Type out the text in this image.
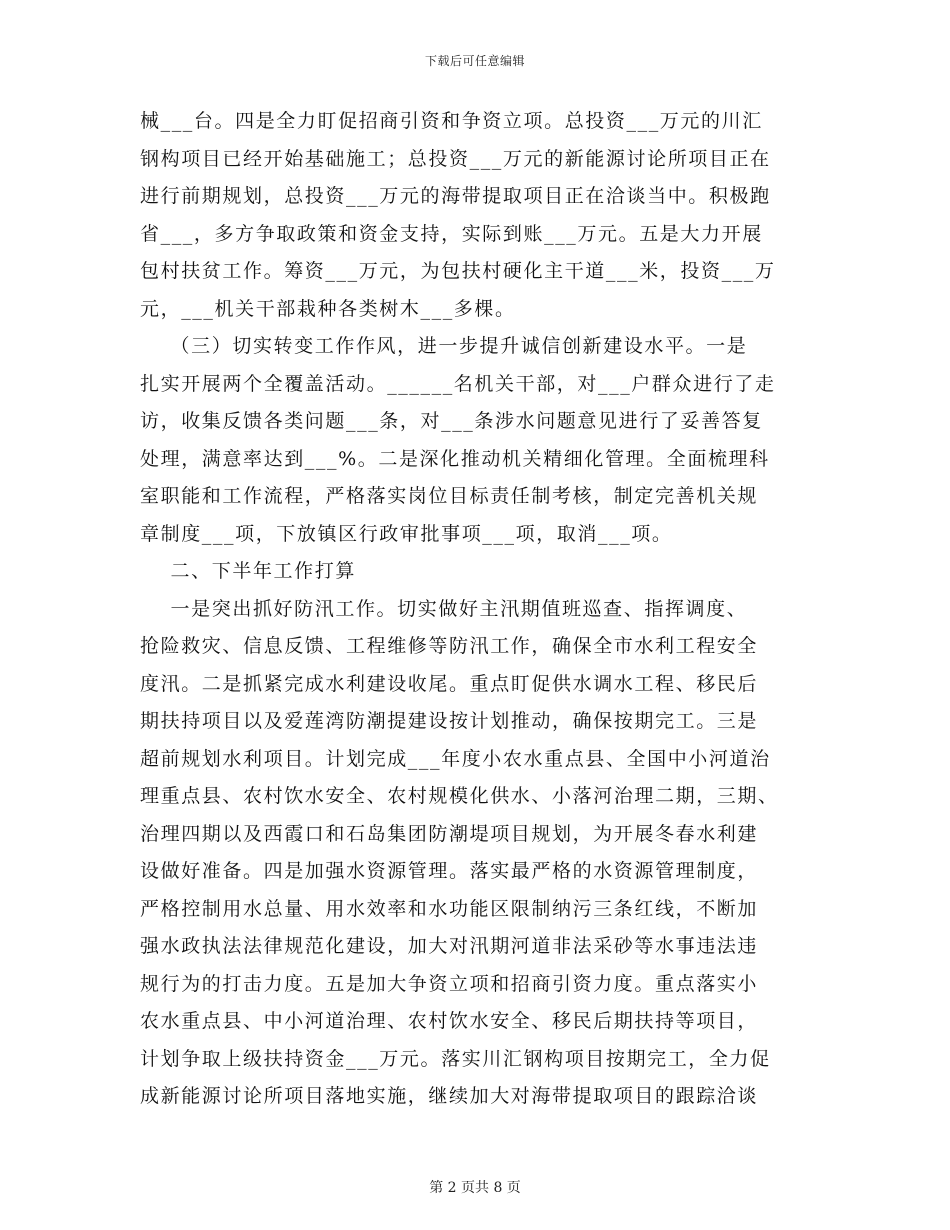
下载后可任意编辑
械___台。四是全力盯促招商引资和争资立项。总投资___万元的川汇
钢构项目已经开始基础施工；总投资___万元的新能源讨论所项目正在
进行前期规划，总投资___万元的海带提取项目正在洽谈当中。积极跑
省___，多方争取政策和资金支持，实际到账___万元。五是大力开展
包村扶贫工作。筹资___万元，为包扶村硬化主干道___米，投资___万
元，___机关干部栽种各类树木___多棵。
（三）切实转变工作作风，进一步提升诚信创新建设水平。一是
扎实开展两个全覆盖活动。______名机关干部，对___户群众进行了走
访，收集反馈各类问题___条，对___条涉水问题意见进行了妥善答复
处理，满意率达到___%。二是深化推动机关精细化管理。全面梳理科
室职能和工作流程，严格落实岗位目标责任制考核，制定完善机关规
章制度___项，下放镇区行政审批事项___项，取消___项。
二、下半年工作打算
一是突出抓好防汛工作。切实做好主汛期值班巡查、指挥调度、
抢险救灾、信息反馈、工程维修等防汛工作，确保全市水利工程安全
度汛。二是抓紧完成水利建设收尾。重点盯促供水调水工程、移民后
期扶持项目以及爱莲湾防潮提建设按计划推动，确保按期完工。三是
超前规划水利项目。计划完成___年度小农水重点县、全国中小河道治
理重点县、农村饮水安全、农村规模化供水、小落河治理二期，三期、
治理四期以及西霞口和石岛集团防潮堤项目规划，为开展冬春水利建
设做好准备。四是加强水资源管理。落实最严格的水资源管理制度，
严格控制用水总量、用水效率和水功能区限制纳污三条红线，不断加
强水政执法法律规范化建设，加大对汛期河道非法采砂等水事违法违
规行为的打击力度。五是加大争资立项和招商引资力度。重点落实小
农水重点县、中小河道治理、农村饮水安全、移民后期扶持等项目，
计划争取上级扶持资金___万元。落实川汇钢构项目按期完工，全力促
成新能源讨论所项目落地实施，继续加大对海带提取项目的跟踪洽谈
第 2 页共 8 页
